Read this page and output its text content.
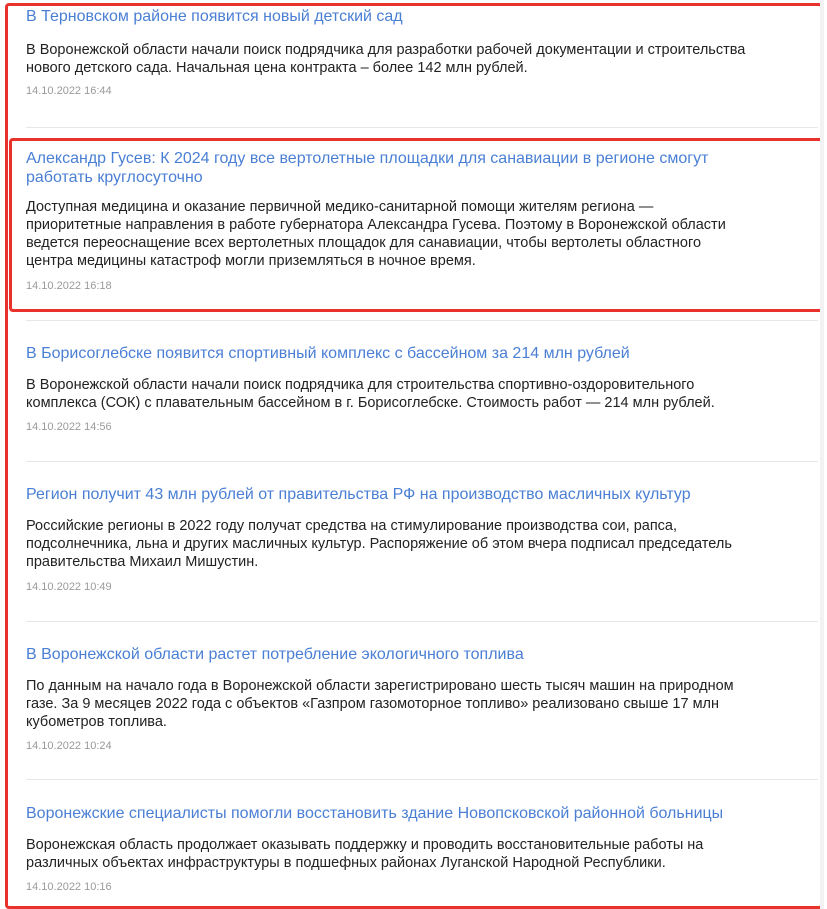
В Терновском районе появится новый детский сад
В Воронежской области начали поиск подрядчика для разработки рабочей документации и строительства
нового детского сада. Начальная цена контракта – более 142 млн рублей.
14.10.2022 16:44
Александр Гусев: К 2024 году все вертолетные площадки для санавиации в регионе смогут
работать круглосуточно
Доступная медицина и оказание первичной медико-санитарной помощи жителям региона —
приоритетные направления в работе губернатора Александра Гусева. Поэтому в Воронежской области
ведется переоснащение всех вертолетных площадок для санавиации, чтобы вертолеты областного
центра медицины катастроф могли приземляться в ночное время.
14.10.2022 16:18
В Борисоглебске появится спортивный комплекс с бассейном за 214 млн рублей
В Воронежской области начали поиск подрядчика для строительства спортивно-оздоровительного
комплекса (СОК) с плавательным бассейном в г. Борисоглебске. Стоимость работ — 214 млн рублей.
14.10.2022 14:56
Регион получит 43 млн рублей от правительства РФ на производство масличных культур
Российские регионы в 2022 году получат средства на стимулирование производства сои, рапса,
подсолнечника, льна и других масличных культур. Распоряжение об этом вчера подписал председатель
правительства Михаил Мишустин.
14.10.2022 10:49
В Воронежской области растет потребление экологичного топлива
По данным на начало года в Воронежской области зарегистрировано шесть тысяч машин на природном
газе. За 9 месяцев 2022 года с объектов «Газпром газомоторное топливо» реализовано свыше 17 млн
кубометров топлива.
14.10.2022 10:24
Воронежские специалисты помогли восстановить здание Новопсковской районной больницы
Воронежская область продолжает оказывать поддержку и проводить восстановительные работы на
различных объектах инфраструктуры в подшефных районах Луганской Народной Республики.
14.10.2022 10:16
